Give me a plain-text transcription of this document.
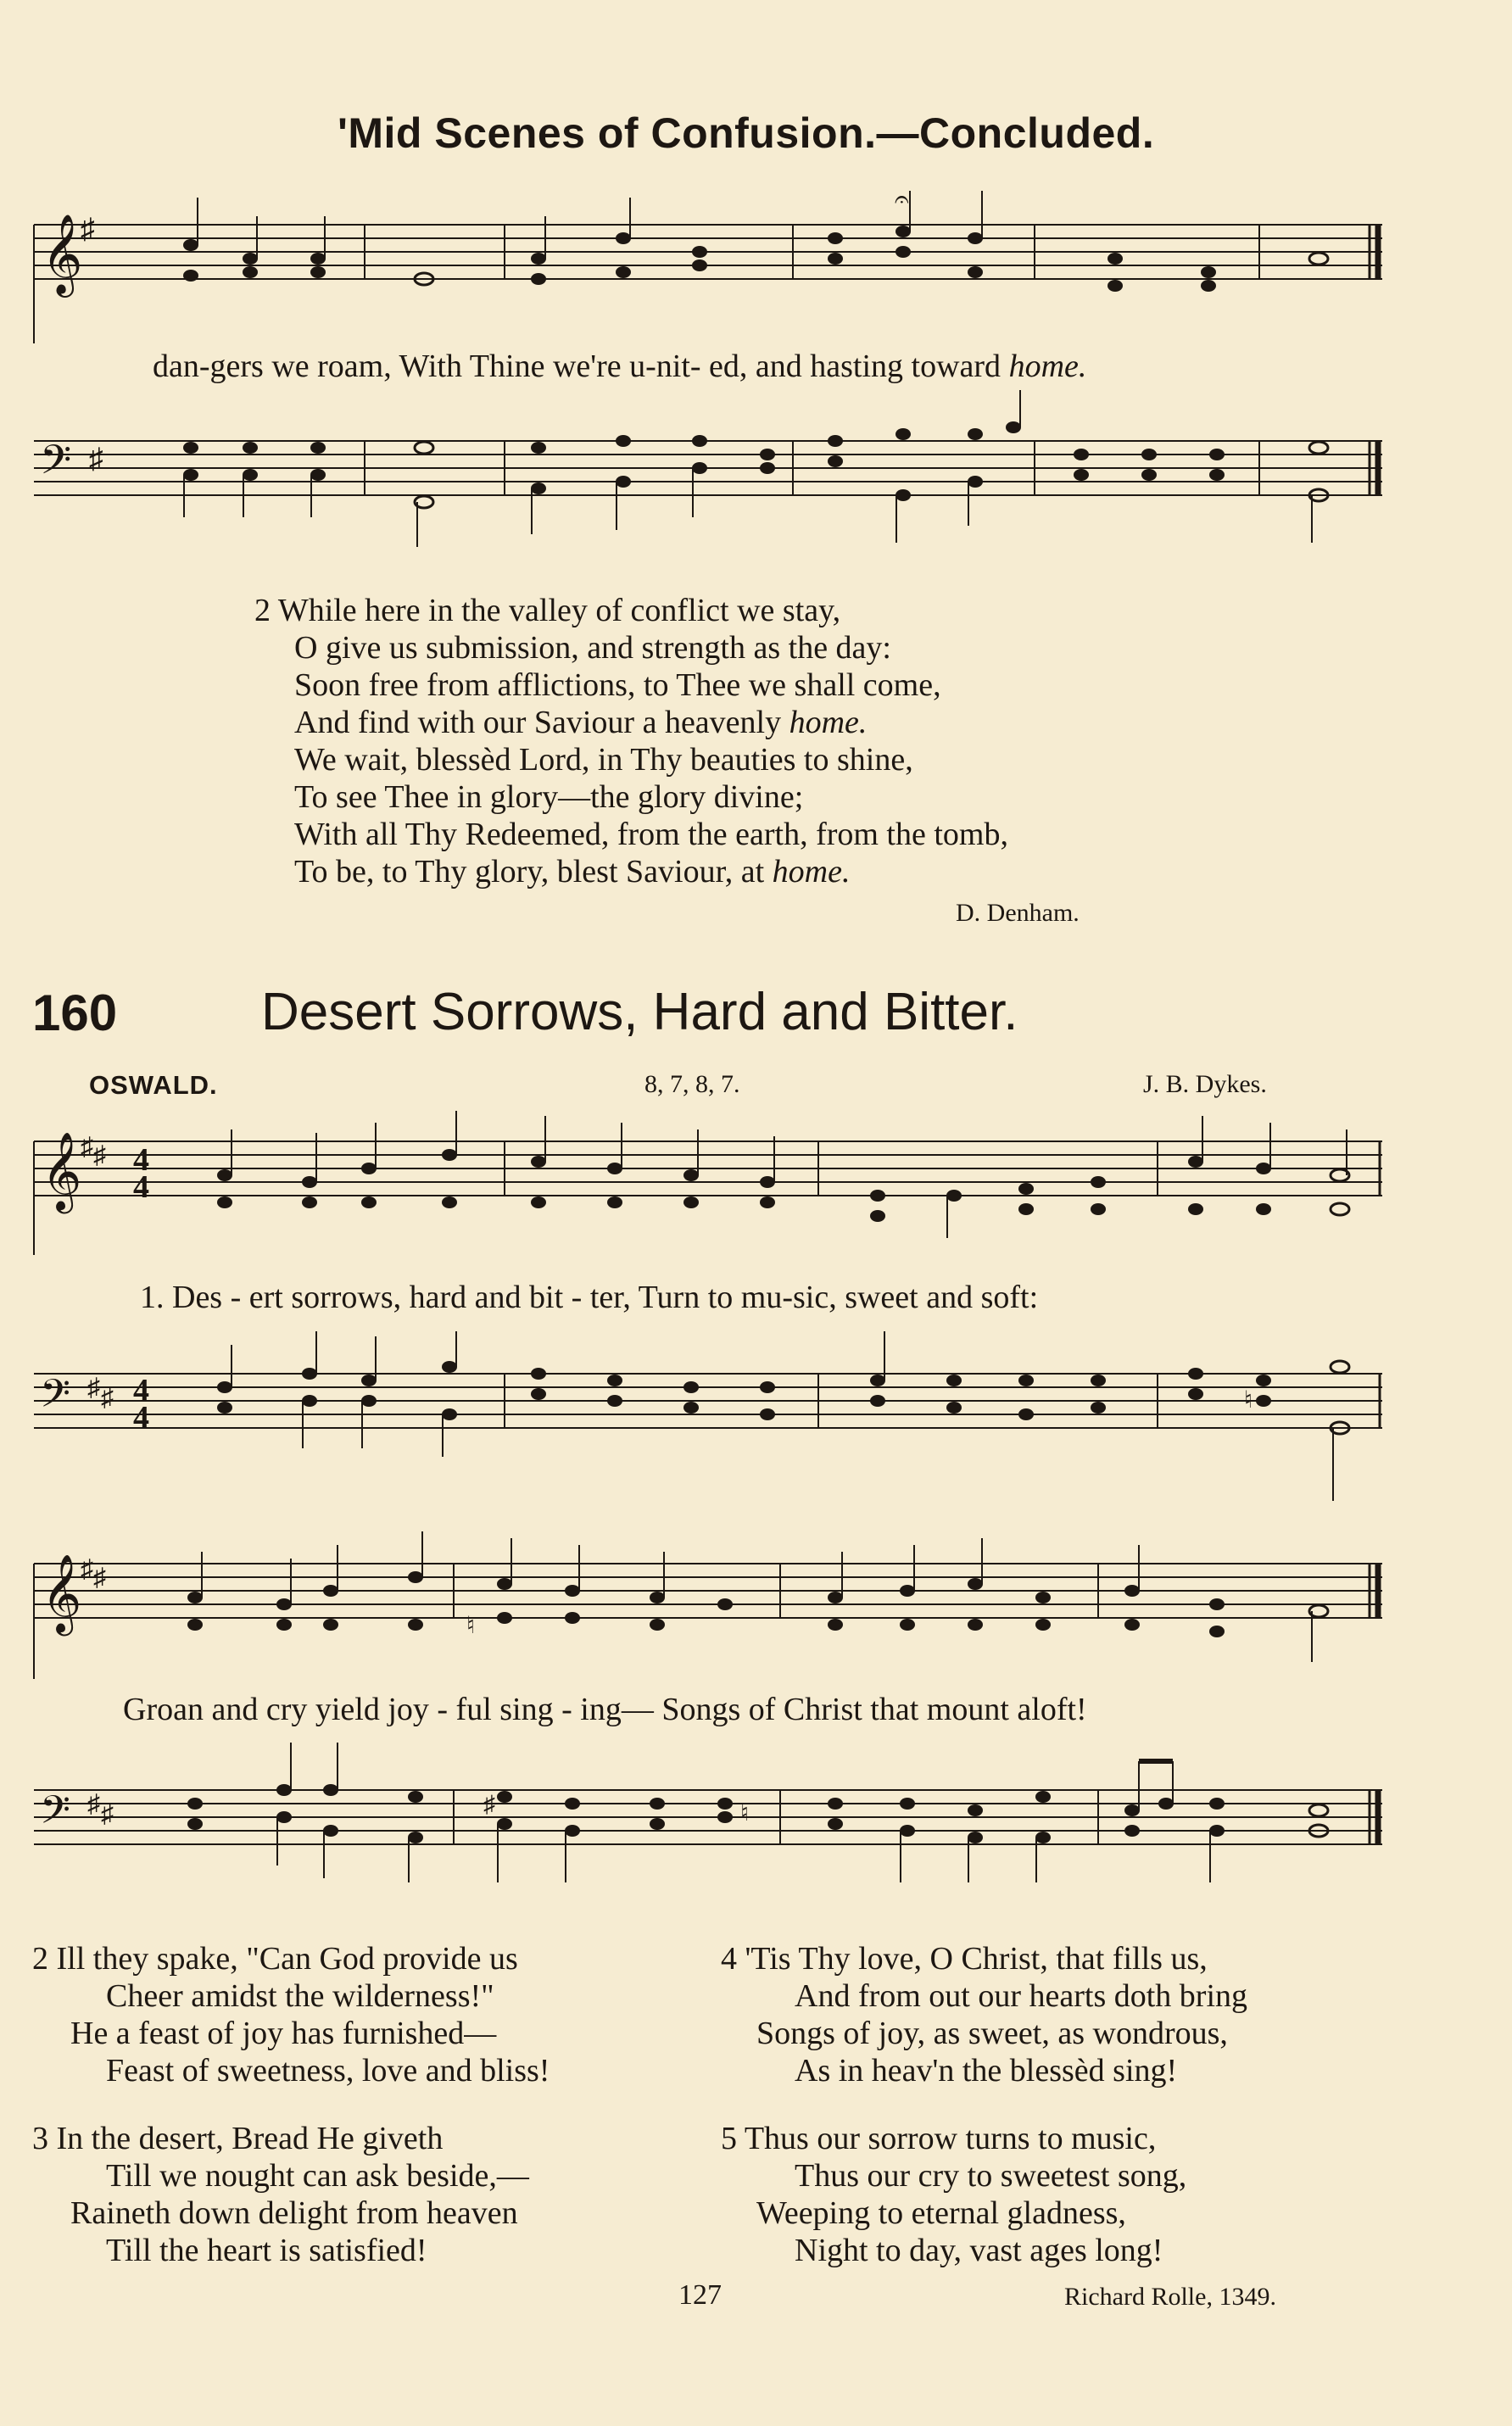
'Mid Scenes of Confusion.—Concluded.
𝄞
♯
𝄐
dan-gers we roam, With Thine we're u-nit- ed, and hasting toward home.
𝄢 ♯
2 While here in the valley of conflict we stay,
O give us submission, and strength as the day:
Soon free from afflictions, to Thee we shall come,
And find with our Saviour a heavenly home.
We wait, blessèd Lord, in Thy beauties to shine,
To see Thee in glory—the glory divine;
With all Thy Redeemed, from the earth, from the tomb,
To be, to Thy glory, blest Saviour, at home.
D. Denham.
160	Desert Sorrows, Hard and Bitter.
OSWALD.	8, 7, 8, 7.	J. B. Dykes.
𝄞
♯ ♯ 4
4
1. Des - ert sorrows, hard and bit - ter, Turn to mu-sic, sweet and soft:
𝄢 ♯ ♯ 4
4	♮
𝄞
♯ ♯
♮
Groan and cry yield joy - ful sing - ing— Songs of Christ that mount aloft!
𝄢 ♯ ♯	♮
♯
2 Ill they spake, "Can God provide us
Cheer amidst the wilderness!"
He a feast of joy has furnished—
Feast of sweetness, love and bliss!
3 In the desert, Bread He giveth
Till we nought can ask beside,—
Raineth down delight from heaven
Till the heart is satisfied!
4 'Tis Thy love, O Christ, that fills us,
And from out our hearts doth bring
Songs of joy, as sweet, as wondrous,
As in heav'n the blessèd sing!
5 Thus our sorrow turns to music,
Thus our cry to sweetest song,
Weeping to eternal gladness,
Night to day, vast ages long!
127	Richard Rolle, 1349.
